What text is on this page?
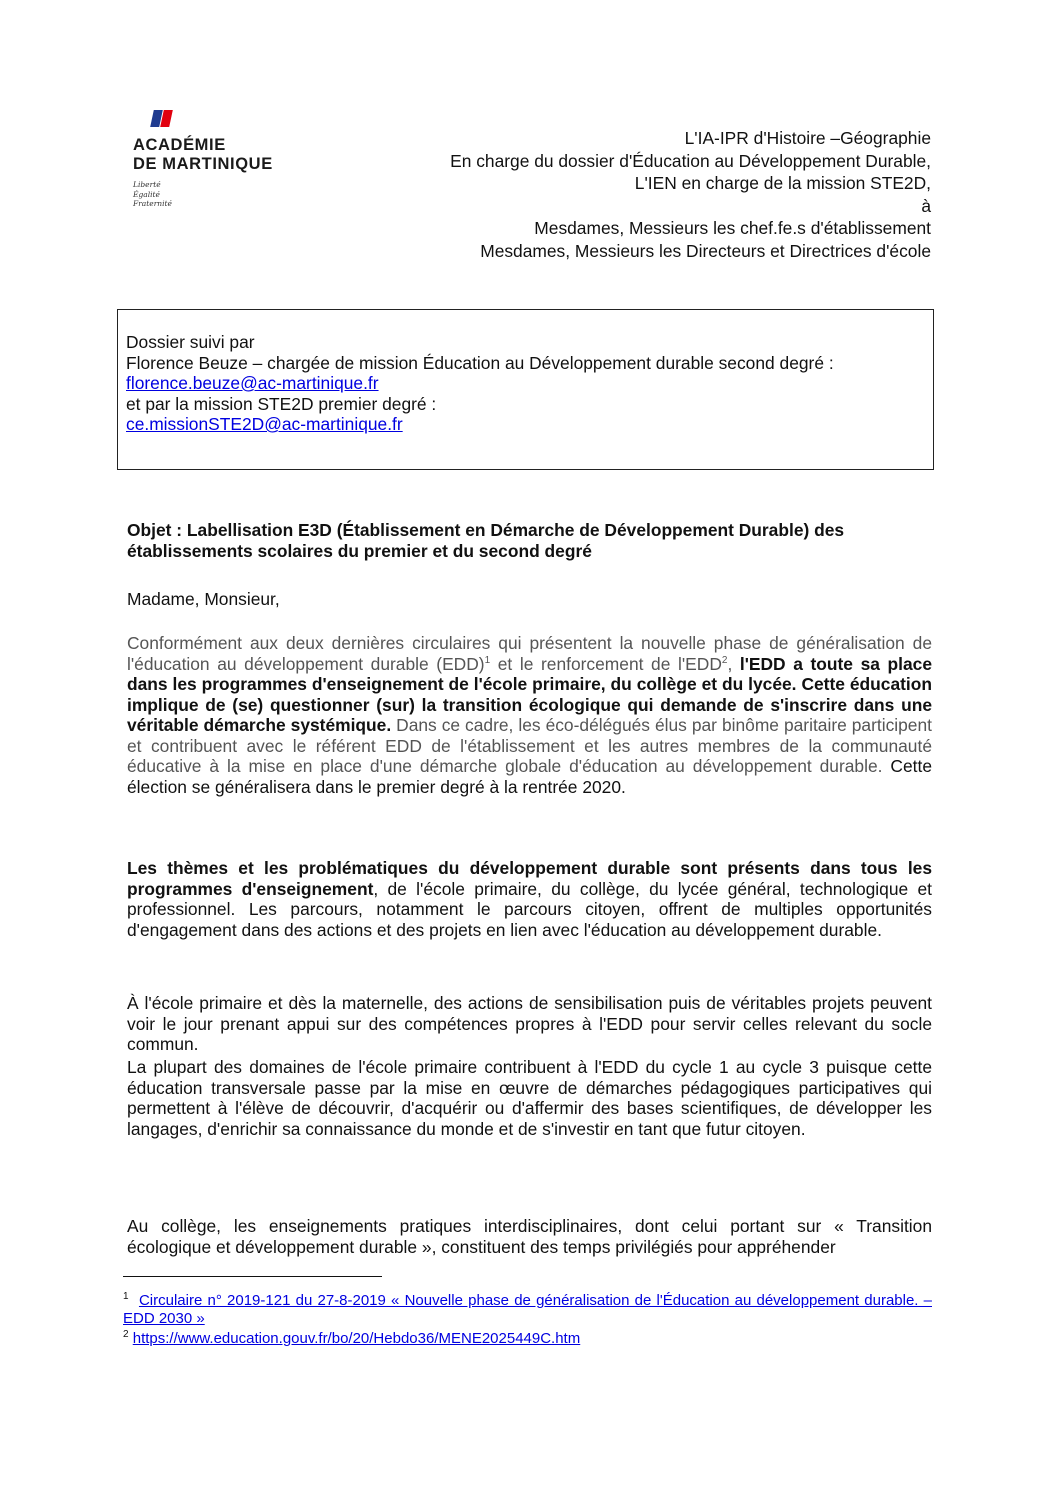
ACADÉMIE
DE MARTINIQUE
Liberté
Égalité
Fraternité
L'IA-IPR d'Histoire –Géographie
En charge du dossier d'Éducation au Développement Durable,
L'IEN en charge de la mission STE2D,
à
Mesdames, Messieurs les chef.fe.s d'établissement
Mesdames, Messieurs les Directeurs et Directrices d'école
Dossier suivi par
Florence Beuze – chargée de mission Éducation au Développement durable second degré :
florence.beuze@ac-martinique.fr
et par la mission STE2D premier degré :
ce.missionSTE2D@ac-martinique.fr
Objet : Labellisation E3D (Établissement en Démarche de Développement Durable) des
établissements scolaires du premier et du second degré
Madame, Monsieur,
Conformément aux deux dernières circulaires qui présentent la nouvelle phase de généralisation de l'éducation au développement durable (EDD)$^1$ et le renforcement de l'EDD$^2$, l'EDD a toute sa place dans les programmes d'enseignement de l'école primaire, du collège et du lycée. Cette éducation implique de (se) questionner (sur) la transition écologique qui demande de s'inscrire dans une véritable démarche systémique. Dans ce cadre, les éco-délégués élus par binôme paritaire participent et contribuent avec le référent EDD de l'établissement et les autres membres de la communauté éducative à la mise en place d'une démarche globale d'éducation au développement durable. Cette élection se généralisera dans le premier degré à la rentrée 2020.
Les thèmes et les problématiques du développement durable sont présents dans tous les programmes d'enseignement, de l'école primaire, du collège, du lycée général, technologique et professionnel. Les parcours, notamment le parcours citoyen, offrent de multiples opportunités d'engagement dans des actions et des projets en lien avec l'éducation au développement durable.
À l'école primaire et dès la maternelle, des actions de sensibilisation puis de véritables projets peuvent voir le jour prenant appui sur des compétences propres à l'EDD pour servir celles relevant du socle commun.
La plupart des domaines de l'école primaire contribuent à l'EDD du cycle 1 au cycle 3 puisque cette éducation transversale passe par la mise en œuvre de démarches pédagogiques participatives qui permettent à l'élève de découvrir, d'acquérir ou d'affermir des bases scientifiques, de développer les langages, d'enrichir sa connaissance du monde et de s'investir en tant que futur citoyen.
Au collège, les enseignements pratiques interdisciplinaires, dont celui portant sur « Transition écologique et développement durable », constituent des temps privilégiés pour appréhender
$^1$ Circulaire n° 2019-121 du 27-8-2019 « Nouvelle phase de généralisation de l'Éducation au développement durable. – EDD 2030 »
$^2$ https://www.education.gouv.fr/bo/20/Hebdo36/MENE2025449C.htm
